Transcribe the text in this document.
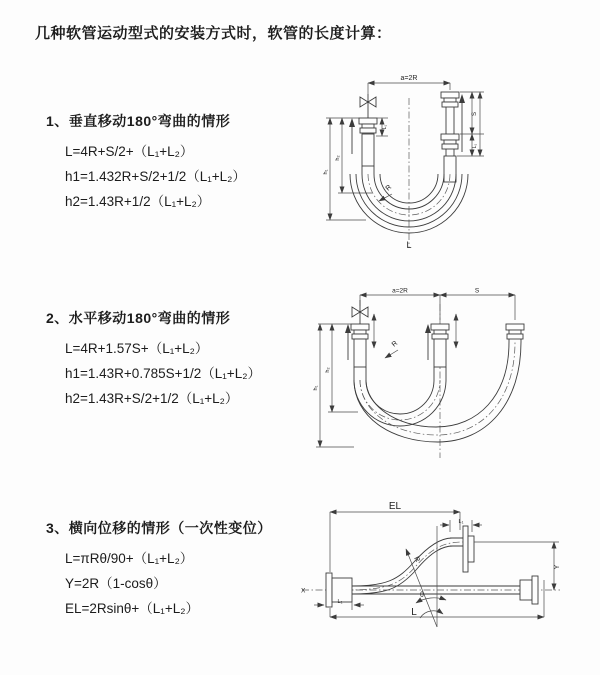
几种软管运动型式的安装方式时，软管的长度计算：
1、垂直移动180°弯曲的情形
L=4R+S/2+（L₁+L₂）
h1=1.432R+S/2+1/2（L₁+L₂）
h2=1.43R+1/2（L₁+L₂）
2、水平移动180°弯曲的情形
L=4R+1.57S+（L₁+L₂）
h1=1.43R+0.785S+1/2（L₁+L₂）
h2=1.43R+S/2+1/2（L₁+L₂）
3、横向位移的情形（一次性变位）
L=πRθ/90+（L₁+L₂）
Y=2R（1-cosθ）
EL=2Rsinθ+（L₁+L₂）
a=2R
L₁
S
L₁
h₂
h₁
R
L
a=2R	S
h₂
h₁
R
EL
L₁
X
L₁
L
Y
R
θ
